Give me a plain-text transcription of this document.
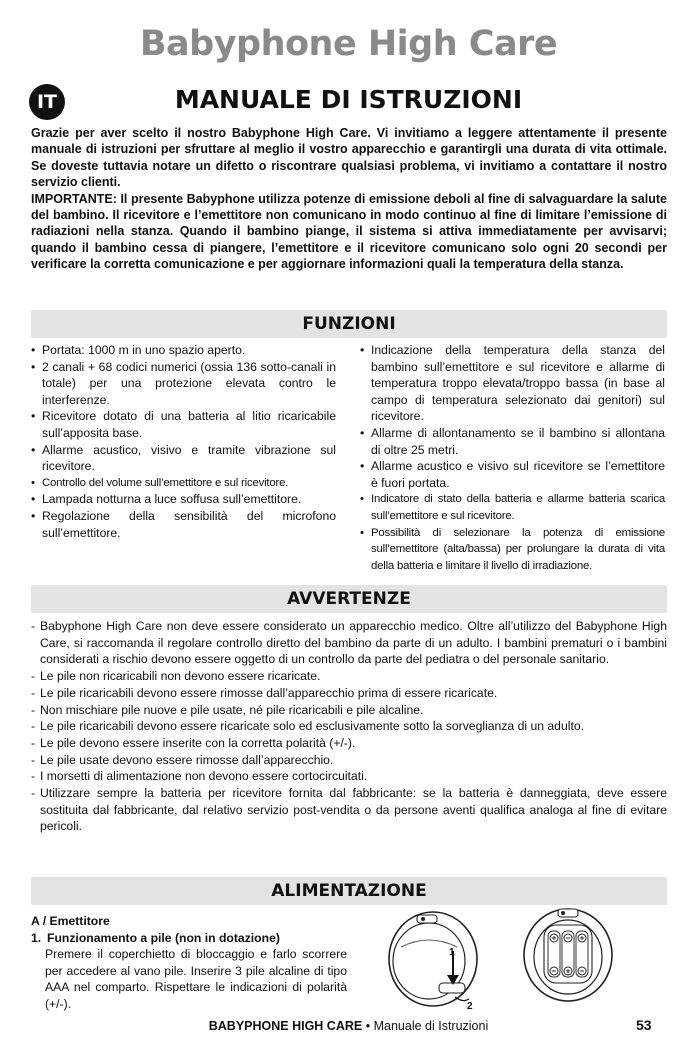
Babyphone High Care
IT	MANUALE DI ISTRUZIONI

Grazie per aver scelto il nostro Babyphone High Care. Vi invitiamo a leggere attentamente il presente manuale di istruzioni per sfruttare al meglio il vostro apparecchio e garantirgli una durata di vita ottimale. Se doveste tuttavia notare un difetto o riscontrare qualsiasi problema, vi invitiamo a contattare il nostro servizio clienti.

IMPORTANTE: Il presente Babyphone utilizza potenze di emissione deboli al fine di salvaguardare la salute del bambino. Il ricevitore e l’emettitore non comunicano in modo continuo al fine di limitare l’emissione di radiazioni nella stanza. Quando il bambino piange, il sistema si attiva immediatamente per avvisarvi; quando il bambino cessa di piangere, l’emettitore e il ricevitore comunicano solo ogni 20 secondi per verificare la corretta comunicazione e per aggiornare informazioni quali la temperatura della stanza.

FUNZIONI
• Portata: 1000 m in uno spazio aperto.
• 2 canali + 68 codici numerici (ossia 136 sotto-canali in totale) per una protezione elevata contro le interferenze.
• Ricevitore dotato di una batteria al litio ricaricabile sull’apposita base.
• Allarme acustico, visivo e tramite vibrazione sul ricevitore.
• Controllo del volume sull’emettitore e sul ricevitore.
• Lampada notturna a luce soffusa sull’emettitore.
• Regolazione della sensibilità del microfono sull’emettitore.
• Indicazione della temperatura della stanza del bambino sull’emettitore e sul ricevitore e allarme di temperatura troppo elevata/troppo bassa (in base al campo di temperatura selezionato dai genitori) sul ricevitore.
• Allarme di allontanamento se il bambino si allontana di oltre 25 metri.
• Allarme acustico e visivo sul ricevitore se l’emettitore è fuori portata.
• Indicatore di stato della batteria e allarme batteria scarica sull’emettitore e sul ricevitore.
• Possibilità di selezionare la potenza di emissione sull’emettitore (alta/bassa) per prolungare la durata di vita della batteria e limitare il livello di irradiazione.
AVVERTENZE
- Babyphone High Care non deve essere considerato un apparecchio medico. Oltre all’utilizzo del Babyphone High Care, si raccomanda il regolare controllo diretto del bambino da parte di un adulto. I bambini prematuri o i bambini considerati a rischio devono essere oggetto di un controllo da parte del pediatra o del personale sanitario.
- Le pile non ricaricabili non devono essere ricaricate.
- Le pile ricaricabili devono essere rimosse dall’apparecchio prima di essere ricaricate.
- Non mischiare pile nuove e pile usate, né pile ricaricabili e pile alcaline.
- Le pile ricaricabili devono essere ricaricate solo ed esclusivamente sotto la sorveglianza di un adulto.
- Le pile devono essere inserite con la corretta polarità (+/-).
- Le pile usate devono essere rimosse dall’apparecchio.
- I morsetti di alimentazione non devono essere cortocircuitati.
- Utilizzare sempre la batteria per ricevitore fornita dal fabbricante: se la batteria è danneggiata, deve essere sostituita dal fabbricante, dal relativo servizio post-vendita o da persone aventi qualifica analoga al fine di evitare pericoli.
ALIMENTAZIONE
A / Emettitore
1. Funzionamento a pile (non in dotazione)
Premere il coperchietto di bloccaggio e farlo scorrere per accedere al vano pile. Inserire 3 pile alcaline di tipo AAA nel comparto. Rispettare le indicazioni di polarità (+/-).
1
2
BABYPHONE HIGH CARE • Manuale di Istruzioni	53
